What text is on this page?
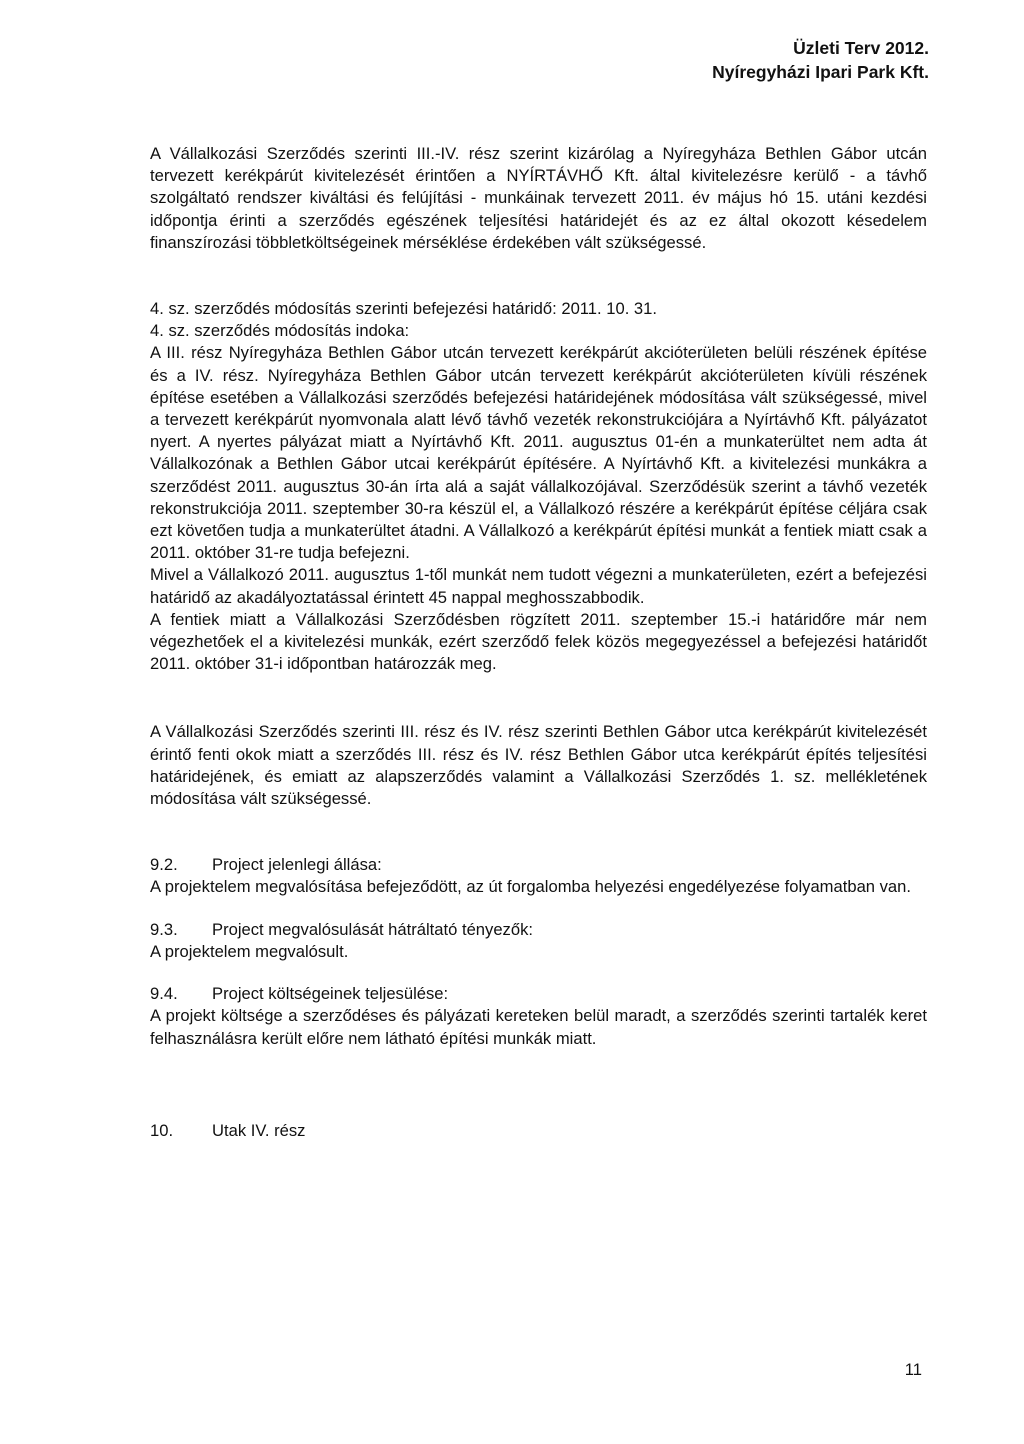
Üzleti Terv 2012.
Nyíregyházi Ipari Park Kft.

A Vállalkozási Szerződés szerinti III.-IV. rész szerint kizárólag a Nyíregyháza Bethlen Gábor utcán tervezett kerékpárút kivitelezését érintően a NYÍRTÁVHŐ Kft. által kivitelezésre kerülő - a távhő szolgáltató rendszer kiváltási és felújítási - munkáinak tervezett 2011. év május hó 15. utáni kezdési időpontja érinti a szerződés egészének teljesítési határidejét és az ez által okozott késedelem finanszírozási többletköltségeinek mérséklése érdekében vált szükségessé.

4. sz. szerződés módosítás szerinti befejezési határidő: 2011. 10. 31.
4. sz. szerződés módosítás indoka:

A III. rész Nyíregyháza Bethlen Gábor utcán tervezett kerékpárút akcióterületen belüli részének építése és a IV. rész. Nyíregyháza Bethlen Gábor utcán tervezett kerékpárút akcióterületen kívüli részének építése esetében a Vállalkozási szerződés befejezési határidejének módosítása vált szükségessé, mivel a tervezett kerékpárút nyomvonala alatt lévő távhő vezeték rekonstrukciójára a Nyírtávhő Kft. pályázatot nyert. A nyertes pályázat miatt a Nyírtávhő Kft. 2011. augusztus 01-én a munkaterültet nem adta át Vállalkozónak a Bethlen Gábor utcai kerékpárút építésére. A Nyírtávhő Kft. a kivitelezési munkákra a szerződést 2011. augusztus 30-án írta alá a saját vállalkozójával. Szerződésük szerint a távhő vezeték rekonstrukciója 2011. szeptember 30-ra készül el, a Vállalkozó részére a kerékpárút építése céljára csak ezt követően tudja a munkaterültet átadni. A Vállalkozó a kerékpárút építési munkát a fentiek miatt csak a 2011. október 31-re tudja befejezni.

Mivel a Vállalkozó 2011. augusztus 1-től munkát nem tudott végezni a munkaterületen, ezért a befejezési határidő az akadályoztatással érintett 45 nappal meghosszabbodik.

A fentiek miatt a Vállalkozási Szerződésben rögzített 2011. szeptember 15.-i határidőre már nem végezhetőek el a kivitelezési munkák, ezért szerződő felek közös megegyezéssel a befejezési határidőt 2011. október 31-i időpontban határozzák meg.

A Vállalkozási Szerződés szerinti III. rész és IV. rész szerinti Bethlen Gábor utca kerékpárút kivitelezését érintő fenti okok miatt a szerződés III. rész és IV. rész Bethlen Gábor utca kerékpárút építés teljesítési határidejének, és emiatt az alapszerződés valamint a Vállalkozási Szerződés 1. sz. mellékletének módosítása vált szükségessé.

9.2. Project jelenlegi állása:

A projektelem megvalósítása befejeződött, az út forgalomba helyezési engedélyezése folyamatban van.

9.3. Project megvalósulását hátráltató tényezők:

A projektelem megvalósult.

9.4. Project költségeinek teljesülése:

A projekt költsége a szerződéses és pályázati kereteken belül maradt, a szerződés szerinti tartalék keret felhasználásra került előre nem látható építési munkák miatt.

10. Utak IV. rész
11
